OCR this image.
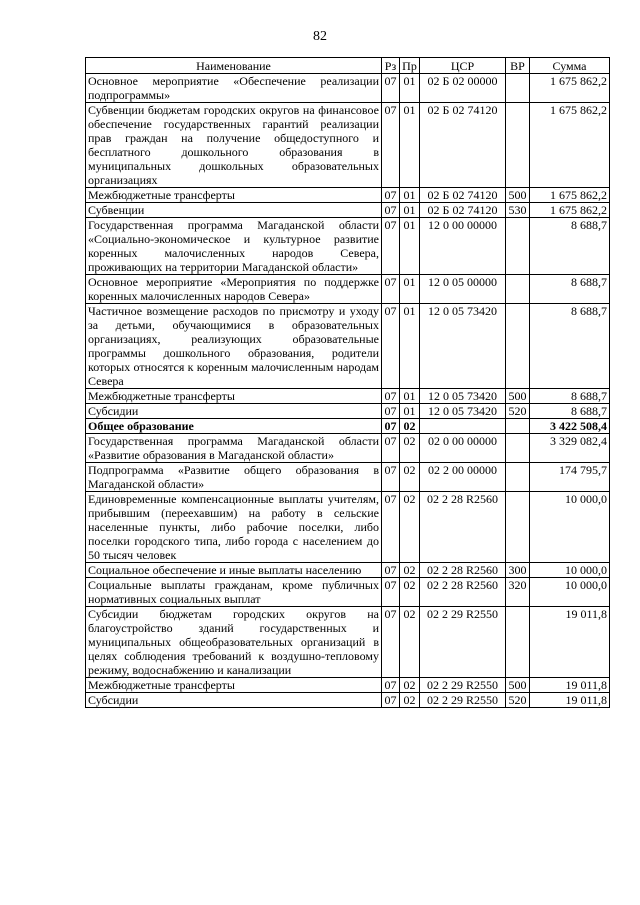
82
Наименование	Рз	Пр	ЦСР	ВР	Сумма
Основное мероприятие «Обеспечение реализации подпрограммы»	07	01	02 Б 02 00000		1 675 862,2
Субвенции бюджетам городских округов на финансовое обеспечение государственных гарантий реализации прав граждан на получение общедоступного и бесплатного дошкольного образования в муниципальных дошкольных образовательных организациях	07	01	02 Б 02 74120		1 675 862,2
Межбюджетные трансферты	07	01	02 Б 02 74120	500	1 675 862,2
Субвенции	07	01	02 Б 02 74120	530	1 675 862,2
Государственная программа Магаданской области «Социально-экономическое и культурное развитие коренных малочисленных народов Севера, проживающих на территории Магаданской области»	07	01	12 0 00 00000		8 688,7
Основное мероприятие «Мероприятия по поддержке коренных малочисленных народов Севера»	07	01	12 0 05 00000		8 688,7
Частичное возмещение расходов по присмотру и уходу за детьми, обучающимися в образовательных организациях, реализующих образовательные программы дошкольного образования, родители которых относятся к коренным малочисленным народам Севера	07	01	12 0 05 73420		8 688,7
Межбюджетные трансферты	07	01	12 0 05 73420	500	8 688,7
Субсидии	07	01	12 0 05 73420	520	8 688,7
Общее образование	07	02			3 422 508,4
Государственная программа Магаданской области «Развитие образования в Магаданской области»	07	02	02 0 00 00000		3 329 082,4
Подпрограмма «Развитие общего образования в Магаданской области»	07	02	02 2 00 00000		174 795,7
Единовременные компенсационные выплаты учителям, прибывшим (переехавшим) на работу в сельские населенные пункты, либо рабочие поселки, либо поселки городского типа, либо города с населением до 50 тысяч человек	07	02	02 2 28 R2560		10 000,0
Социальное обеспечение и иные выплаты населению	07	02	02 2 28 R2560	300	10 000,0
Социальные выплаты гражданам, кроме публичных нормативных социальных выплат	07	02	02 2 28 R2560	320	10 000,0
Субсидии бюджетам городских округов на благоустройство зданий государственных и муниципальных общеобразовательных организаций в целях соблюдения требований к воздушно-тепловому режиму, водоснабжению и канализации	07	02	02 2 29 R2550		19 011,8
Межбюджетные трансферты	07	02	02 2 29 R2550	500	19 011,8
Субсидии	07	02	02 2 29 R2550	520	19 011,8
